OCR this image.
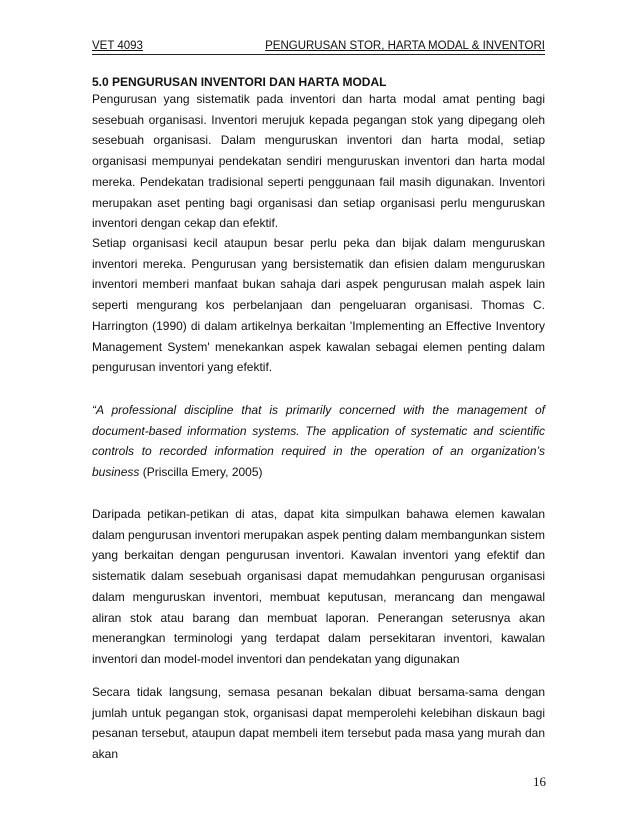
VET 4093	PENGURUSAN STOR, HARTA MODAL & INVENTORI
5.0 PENGURUSAN INVENTORI DAN HARTA MODAL

Pengurusan yang sistematik pada inventori dan harta modal amat penting bagi sesebuah organisasi. Inventori merujuk kepada pegangan stok yang dipegang oleh sesebuah organisasi. Dalam menguruskan inventori dan harta modal, setiap organisasi mempunyai pendekatan sendiri menguruskan inventori dan harta modal mereka. Pendekatan tradisional seperti penggunaan fail masih digunakan. Inventori merupakan aset penting bagi organisasi dan setiap organisasi perlu menguruskan inventori dengan cekap dan efektif.

Setiap organisasi kecil ataupun besar perlu peka dan bijak dalam menguruskan inventori mereka. Pengurusan yang bersistematik dan efisien dalam menguruskan inventori memberi manfaat bukan sahaja dari aspek pengurusan malah aspek lain seperti mengurang kos perbelanjaan dan pengeluaran organisasi. Thomas C. Harrington (1990) di dalam artikelnya berkaitan 'Implementing an Effective Inventory Management System' menekankan aspek kawalan sebagai elemen penting dalam pengurusan inventori yang efektif.

“A professional discipline that is primarily concerned with the management of document-based information systems. The application of systematic and scientific controls to recorded information required in the operation of an organization’s business (Priscilla Emery, 2005)

Daripada petikan-petikan di atas, dapat kita simpulkan bahawa elemen kawalan dalam pengurusan inventori merupakan aspek penting dalam membangunkan sistem yang berkaitan dengan pengurusan inventori. Kawalan inventori yang efektif dan sistematik dalam sesebuah organisasi dapat memudahkan pengurusan organisasi dalam menguruskan inventori, membuat keputusan, merancang dan mengawal aliran stok atau barang dan membuat laporan. Penerangan seterusnya akan menerangkan terminologi yang terdapat dalam persekitaran inventori, kawalan inventori dan model-model inventori dan pendekatan yang digunakan

Secara tidak langsung, semasa pesanan bekalan dibuat bersama-sama dengan jumlah untuk pegangan stok, organisasi dapat memperolehi kelebihan diskaun bagi pesanan tersebut, ataupun dapat membeli item tersebut pada masa yang murah dan akan

16
